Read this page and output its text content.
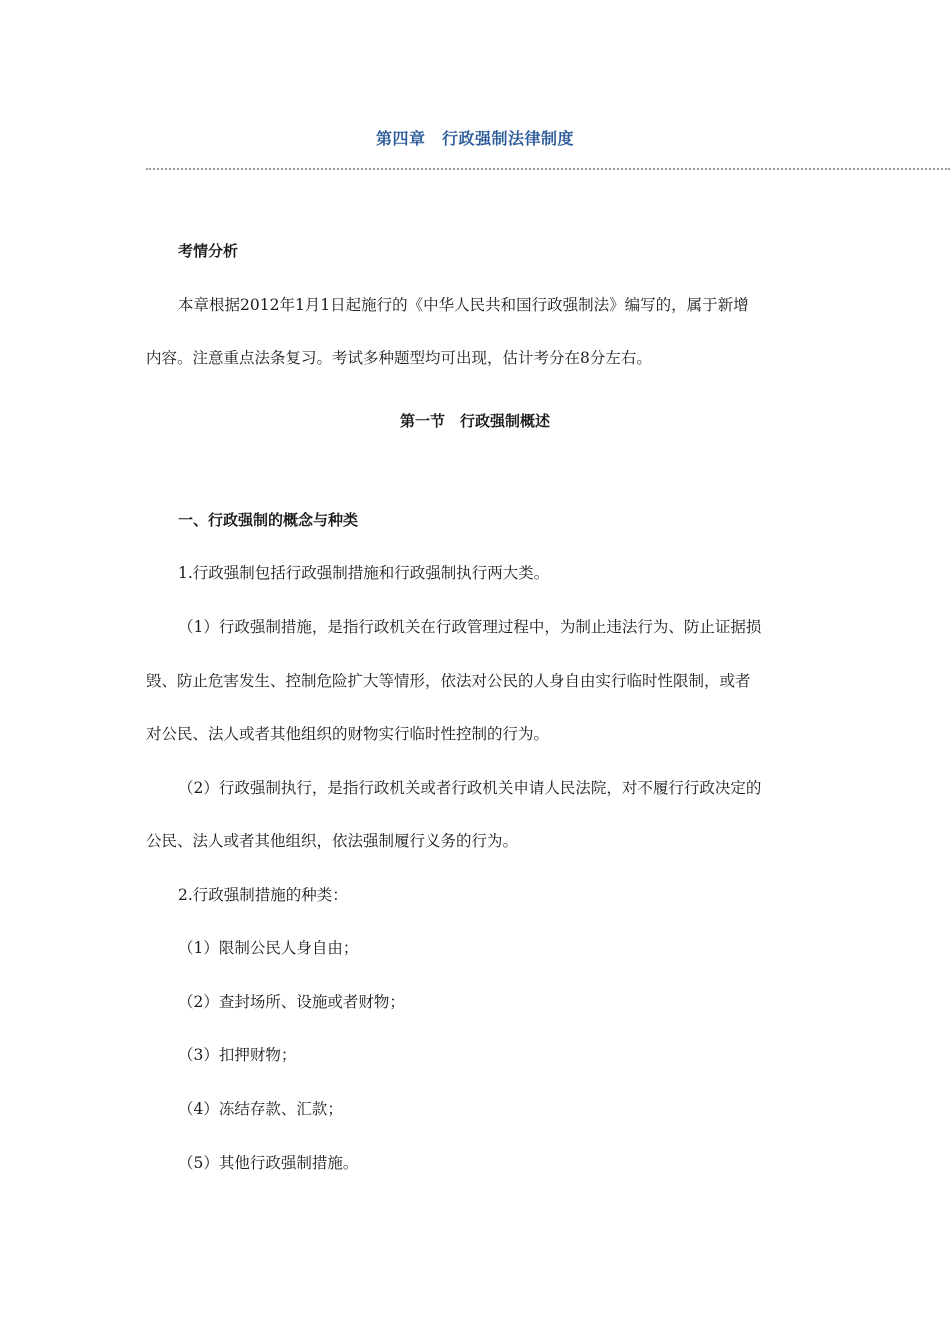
第四章　行政强制法律制度
考情分析
本章根据2012年1月1日起施行的《中华人民共和国行政强制法》编写的，属于新增
内容。注意重点法条复习。考试多种题型均可出现，估计考分在8分左右。
第一节　行政强制概述
一、行政强制的概念与种类
1.行政强制包括行政强制措施和行政强制执行两大类。
（1）行政强制措施，是指行政机关在行政管理过程中，为制止违法行为、防止证据损
毁、防止危害发生、控制危险扩大等情形，依法对公民的人身自由实行临时性限制，或者
对公民、法人或者其他组织的财物实行临时性控制的行为。
（2）行政强制执行，是指行政机关或者行政机关申请人民法院，对不履行行政决定的
公民、法人或者其他组织，依法强制履行义务的行为。
2.行政强制措施的种类：
（1）限制公民人身自由；
（2）查封场所、设施或者财物；
（3）扣押财物；
（4）冻结存款、汇款；
（5）其他行政强制措施。
